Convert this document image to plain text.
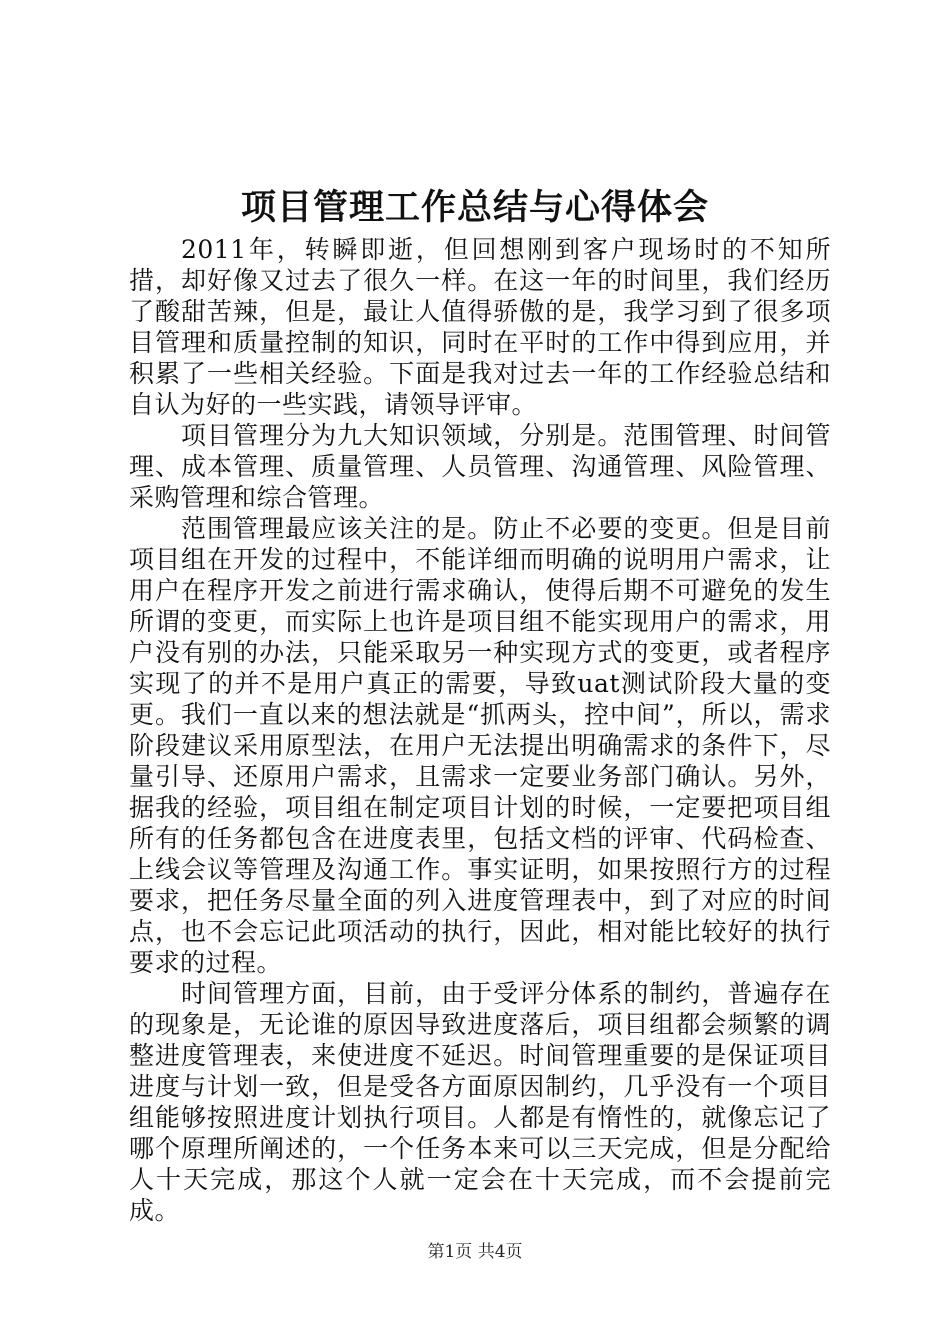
项目管理工作总结与心得体会

2011年，转瞬即逝，但回想刚到客户现场时的不知所措，却好像又过去了很久一样。在这一年的时间里，我们经历了酸甜苦辣，但是，最让人值得骄傲的是，我学习到了很多项目管理和质量控制的知识，同时在平时的工作中得到应用，并积累了一些相关经验。下面是我对过去一年的工作经验总结和自认为好的一些实践，请领导评审。

项目管理分为九大知识领域，分别是。范围管理、时间管理、成本管理、质量管理、人员管理、沟通管理、风险管理、采购管理和综合管理。

范围管理最应该关注的是。防止不必要的变更。但是目前项目组在开发的过程中，不能详细而明确的说明用户需求，让用户在程序开发之前进行需求确认，使得后期不可避免的发生所谓的变更，而实际上也许是项目组不能实现用户的需求，用户没有别的办法，只能采取另一种实现方式的变更，或者程序实现了的并不是用户真正的需要，导致uat测试阶段大量的变更。我们一直以来的想法就是“抓两头，控中间”，所以，需求阶段建议采用原型法，在用户无法提出明确需求的条件下，尽量引导、还原用户需求，且需求一定要业务部门确认。另外，据我的经验，项目组在制定项目计划的时候，一定要把项目组所有的任务都包含在进度表里，包括文档的评审、代码检查、上线会议等管理及沟通工作。事实证明，如果按照行方的过程要求，把任务尽量全面的列入进度管理表中，到了对应的时间点，也不会忘记此项活动的执行，因此，相对能比较好的执行要求的过程。

时间管理方面，目前，由于受评分体系的制约，普遍存在的现象是，无论谁的原因导致进度落后，项目组都会频繁的调整进度管理表，来使进度不延迟。时间管理重要的是保证项目进度与计划一致，但是受各方面原因制约，几乎没有一个项目组能够按照进度计划执行项目。人都是有惰性的，就像忘记了哪个原理所阐述的，一个任务本来可以三天完成，但是分配给人十天完成，那这个人就一定会在十天完成，而不会提前完成。

第1页 共4页
